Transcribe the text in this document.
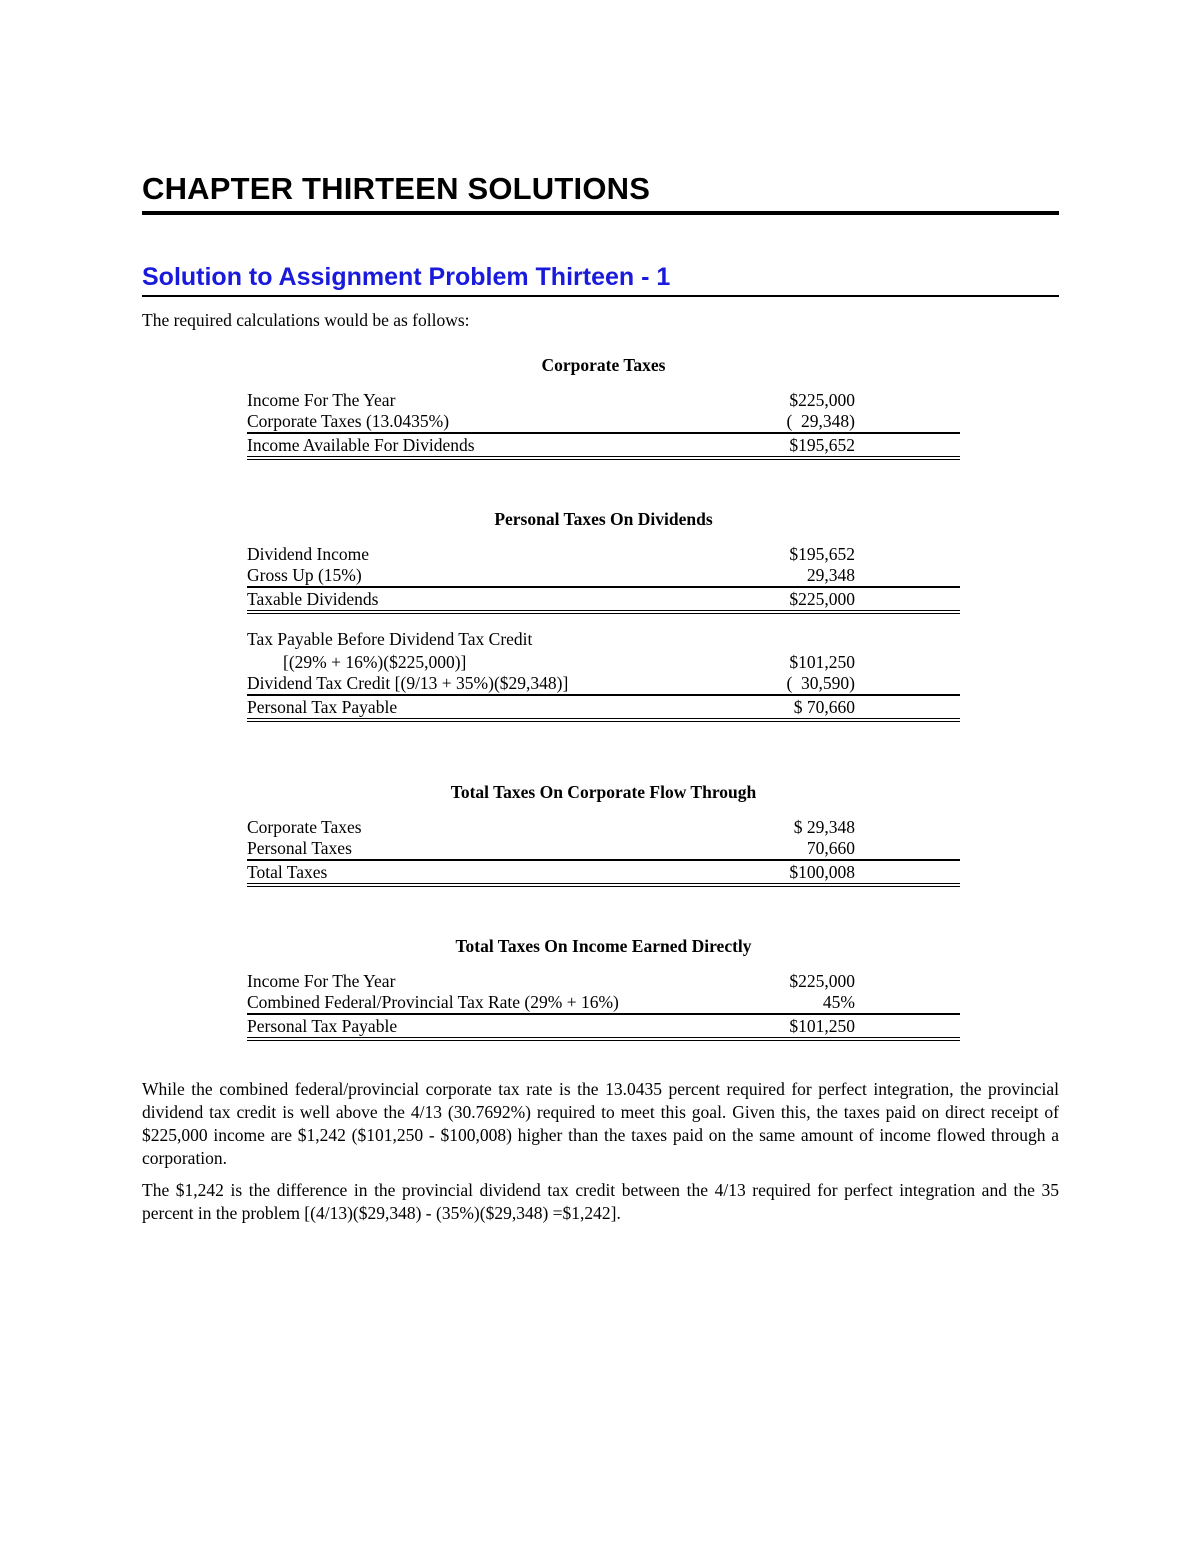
CHAPTER THIRTEEN SOLUTIONS
Solution to Assignment Problem Thirteen - 1
The required calculations would be as follows:
Corporate Taxes
Income For The Year	$225,000
Corporate Taxes (13.0435%)	(  29,348)
Income Available For Dividends	$195,652
Personal Taxes On Dividends
Dividend Income	$195,652
Gross Up (15%)	29,348
Taxable Dividends	$225,000
Tax Payable Before Dividend Tax Credit
[(29% + 16%)($225,000)]	$101,250
Dividend Tax Credit [(9/13 + 35%)($29,348)]	(  30,590)
Personal Tax Payable	$ 70,660
Total Taxes On Corporate Flow Through
Corporate Taxes	$ 29,348
Personal Taxes	70,660
Total Taxes	$100,008
Total Taxes On Income Earned Directly
Income For The Year	$225,000
Combined Federal/Provincial Tax Rate (29% + 16%)	45%
Personal Tax Payable	$101,250

While the combined federal/provincial corporate tax rate is the 13.0435 percent required for perfect integration, the provincial dividend tax credit is well above the 4/13 (30.7692%) required to meet this goal. Given this, the taxes paid on direct receipt of $225,000 income are $1,242 ($101,250 - $100,008) higher than the taxes paid on the same amount of income flowed through a corporation.

The $1,242 is the difference in the provincial dividend tax credit between the 4/13 required for perfect integration and the 35 percent in the problem [(4/13)($29,348) - (35%)($29,348) =$1,242].
